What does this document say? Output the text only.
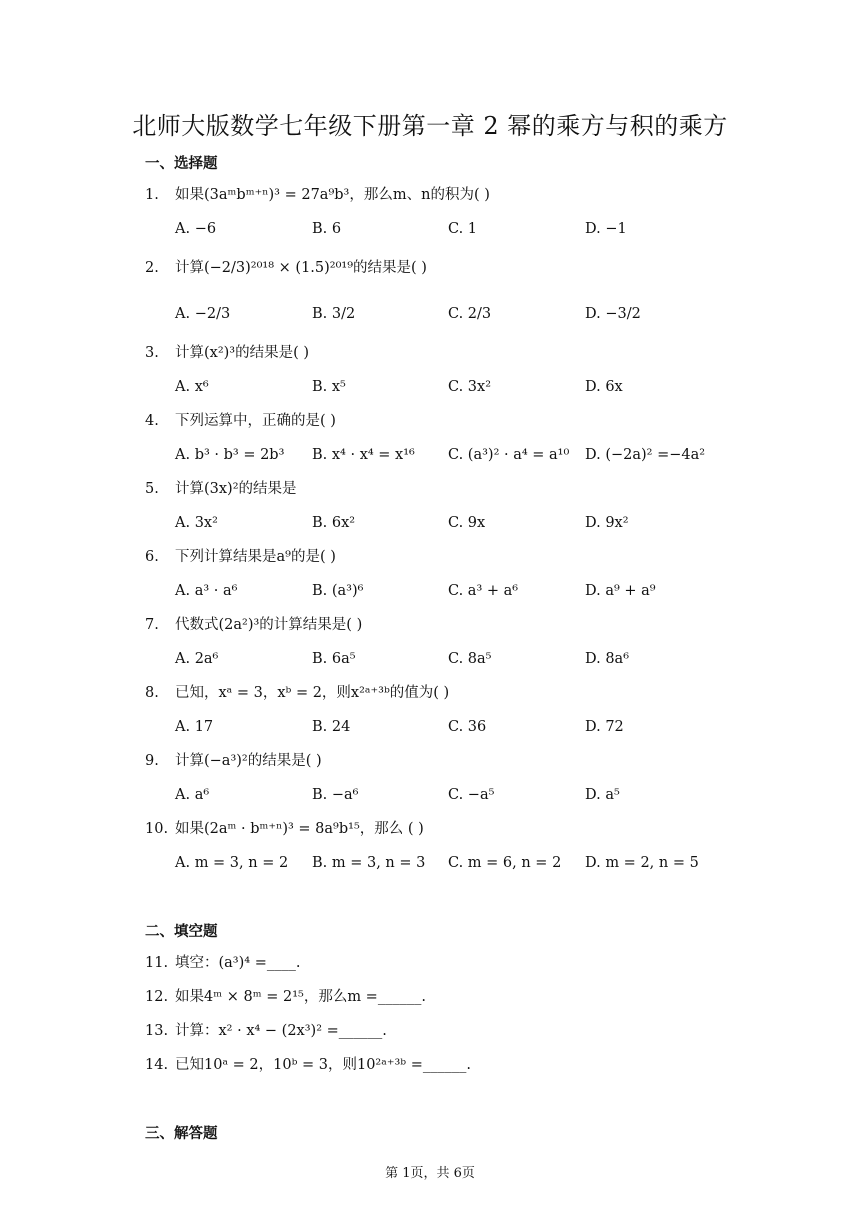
北师大版数学七年级下册第一章 2 幂的乘方与积的乘方
一、选择题
1. 如果(3aᵐbᵐ⁺ⁿ)³ = 27a⁹b³，那么m、n的积为( )
A. −6	B. 6	C. 1	D. −1
2. 计算(−2/3)²⁰¹⁸ × (1.5)²⁰¹⁹的结果是( )
A. −2/3	B. 3/2	C. 2/3	D. −3/2
3. 计算(x²)³的结果是( )
A. x⁶	B. x⁵	C. 3x²	D. 6x
4. 下列运算中，正确的是( )
A. b³ · b³ = 2b³ B. x⁴ · x⁴ = x¹⁶ C. (a³)² · a⁴ = a¹⁰ D. (−2a)² =−4a²
5. 计算(3x)²的结果是
A. 3x²	B. 6x²	C. 9x	D. 9x²
6. 下列计算结果是a⁹的是( )
A. a³ · a⁶	B. (a³)⁶	C. a³ + a⁶	D. a⁹ + a⁹
7. 代数式(2a²)³的计算结果是( )
A. 2a⁶	B. 6a⁵	C. 8a⁵	D. 8a⁶
8. 已知，xᵃ = 3，xᵇ = 2，则x²ᵃ⁺³ᵇ的值为( )
A. 17	B. 24	C. 36	D. 72
9. 计算(−a³)²的结果是( )
A. a⁶	B. −a⁶	C. −a⁵	D. a⁵
10. 如果(2aᵐ · bᵐ⁺ⁿ)³ = 8a⁹b¹⁵，那么 ( )
A. m = 3, n = 2 B. m = 3, n = 3 C. m = 6, n = 2 D. m = 2, n = 5
二、填空题
11. 填空：(a³)⁴ =____.
12. 如果4ᵐ × 8ᵐ = 2¹⁵，那么m =______.
13. 计算：x² · x⁴ − (2x³)² =______.
14. 已知10ᵃ = 2，10ᵇ = 3，则10²ᵃ⁺³ᵇ =______.
三、解答题
第 1页，共 6页
